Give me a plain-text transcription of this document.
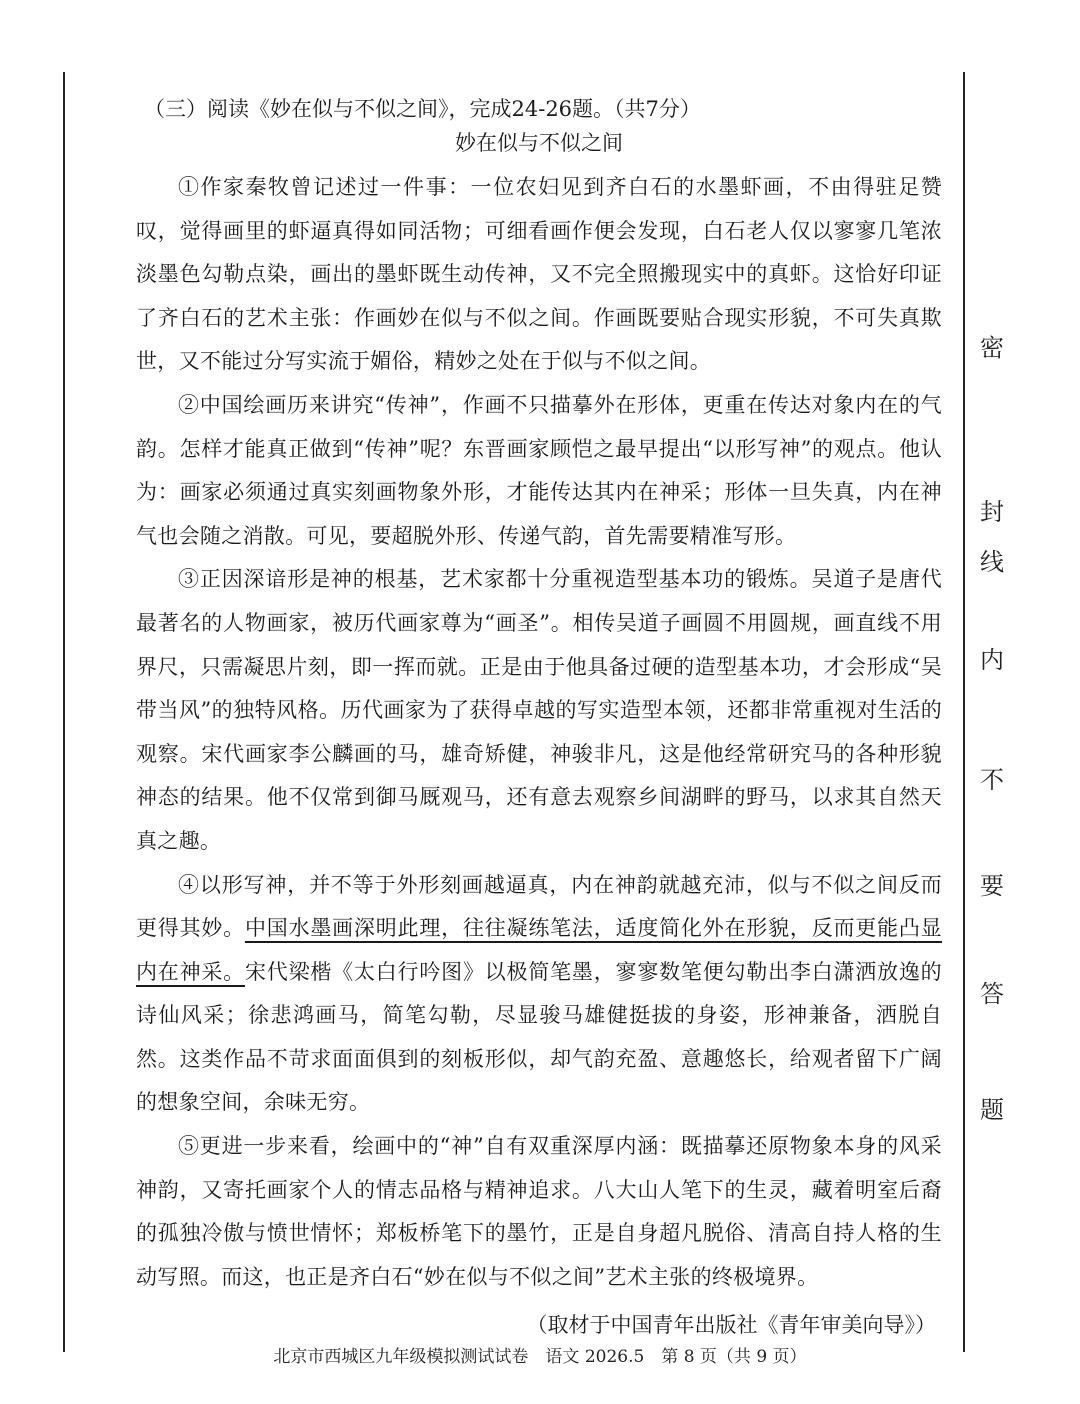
密
封
线
内
不
要
答
题
（三）阅读《妙在似与不似之间》，完成24-26题。（共7分）
妙在似与不似之间

①作家秦牧曾记述过一件事：一位农妇见到齐白石的水墨虾画，不由得驻足赞叹，觉得画里的虾逼真得如同活物；可细看画作便会发现，白石老人仅以寥寥几笔浓淡墨色勾勒点染，画出的墨虾既生动传神，又不完全照搬现实中的真虾。这恰好印证了齐白石的艺术主张：作画妙在似与不似之间。作画既要贴合现实形貌，不可失真欺世，又不能过分写实流于媚俗，精妙之处在于似与不似之间。

②中国绘画历来讲究“传神”，作画不只描摹外在形体，更重在传达对象内在的气韵。怎样才能真正做到“传神”呢？东晋画家顾恺之最早提出“以形写神”的观点。他认为：画家必须通过真实刻画物象外形，才能传达其内在神采；形体一旦失真，内在神气也会随之消散。可见，要超脱外形、传递气韵，首先需要精准写形。

③正因深谙形是神的根基，艺术家都十分重视造型基本功的锻炼。吴道子是唐代最著名的人物画家，被历代画家尊为“画圣”。相传吴道子画圆不用圆规，画直线不用界尺，只需凝思片刻，即一挥而就。正是由于他具备过硬的造型基本功，才会形成“吴带当风”的独特风格。历代画家为了获得卓越的写实造型本领，还都非常重视对生活的观察。宋代画家李公麟画的马，雄奇矫健，神骏非凡，这是他经常研究马的各种形貌神态的结果。他不仅常到御马厩观马，还有意去观察乡间湖畔的野马，以求其自然天真之趣。

④以形写神，并不等于外形刻画越逼真，内在神韵就越充沛，似与不似之间反而更得其妙。中国水墨画深明此理，往往凝练笔法，适度简化外在形貌，反而更能凸显内在神采。宋代梁楷《太白行吟图》以极简笔墨，寥寥数笔便勾勒出李白潇洒放逸的诗仙风采；徐悲鸿画马，简笔勾勒，尽显骏马雄健挺拔的身姿，形神兼备，洒脱自然。这类作品不苛求面面俱到的刻板形似，却气韵充盈、意趣悠长，给观者留下广阔的想象空间，余味无穷。

⑤更进一步来看，绘画中的“神”自有双重深厚内涵：既描摹还原物象本身的风采神韵，又寄托画家个人的情志品格与精神追求。八大山人笔下的生灵，藏着明室后裔的孤独冷傲与愤世情怀；郑板桥笔下的墨竹，正是自身超凡脱俗、清高自持人格的生动写照。而这，也正是齐白石“妙在似与不似之间”艺术主张的终极境界。

（取材于中国青年出版社《青年审美向导》）
北京市西城区九年级模拟测试试卷　语文 2026.5　第 8 页（共 9 页）
